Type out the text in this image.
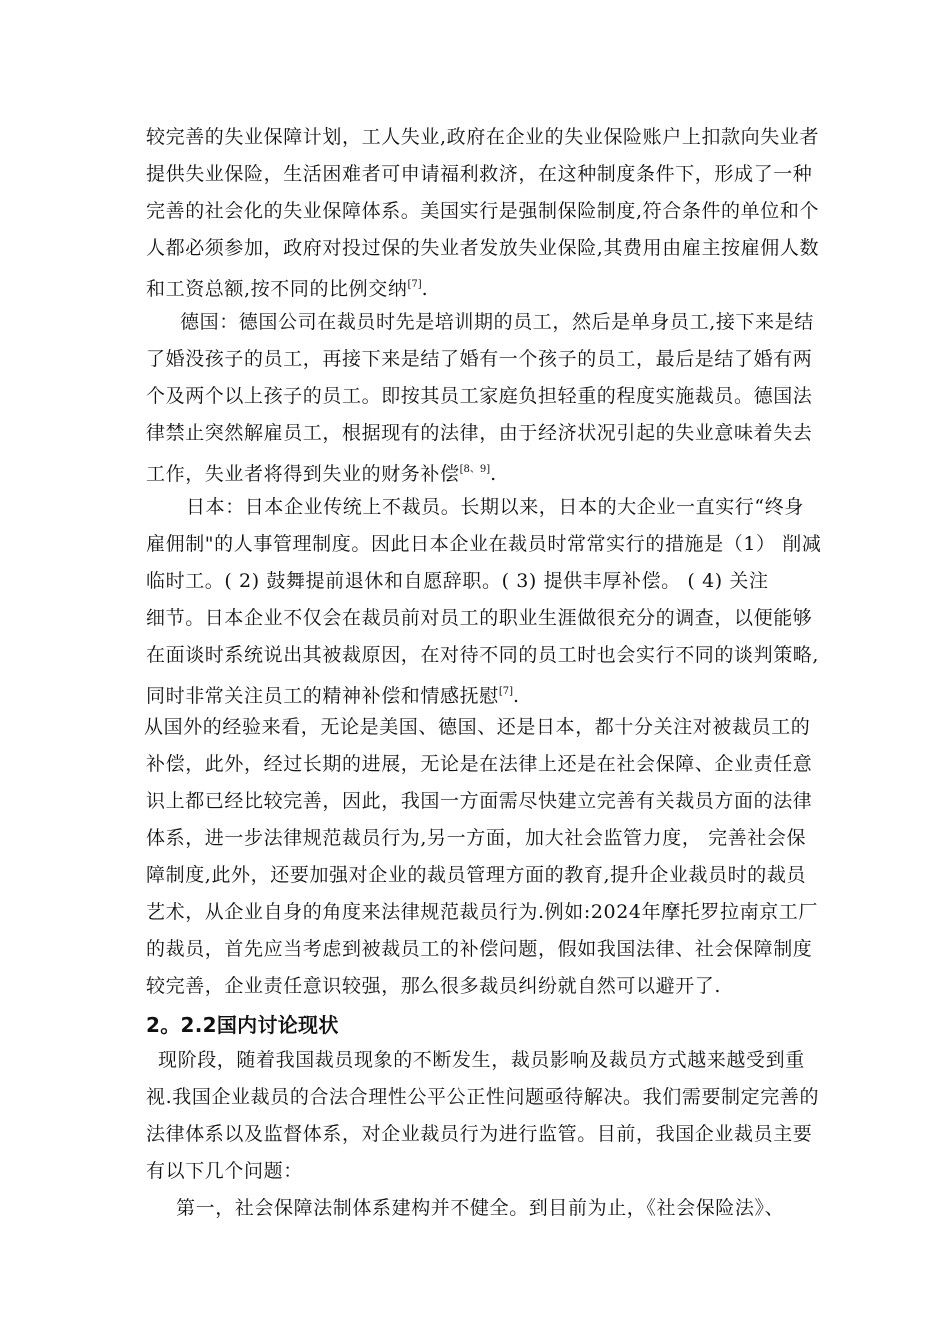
较完善的失业保障计划，工人失业,政府在企业的失业保险账户上扣款向失业者
提供失业保险，生活困难者可申请福利救济，在这种制度条件下，形成了一种
完善的社会化的失业保障体系。美国实行是强制保险制度,符合条件的单位和个
人都必须参加，政府对投过保的失业者发放失业保险,其费用由雇主按雇佣人数
和工资总额,按不同的比例交纳[7].
德国：德国公司在裁员时先是培训期的员工，然后是单身员工,接下来是结
了婚没孩子的员工，再接下来是结了婚有一个孩子的员工，最后是结了婚有两
个及两个以上孩子的员工。即按其员工家庭负担轻重的程度实施裁员。德国法
律禁止突然解雇员工，根据现有的法律，由于经济状况引起的失业意味着失去
工作，失业者将得到失业的财务补偿[8、9].
日本：日本企业传统上不裁员。长期以来，日本的大企业一直实行“终身
雇佣制"的人事管理制度。因此日本企业在裁员时常常实行的措施是（1） 削减
临时工。( 2) 鼓舞提前退休和自愿辞职。( 3) 提供丰厚补偿。 ( 4) 关注
细节。日本企业不仅会在裁员前对员工的职业生涯做很充分的调查，以便能够
在面谈时系统说出其被裁原因，在对待不同的员工时也会实行不同的谈判策略,
同时非常关注员工的精神补偿和情感抚慰[7].
从国外的经验来看，无论是美国、德国、还是日本，都十分关注对被裁员工的
补偿，此外，经过长期的进展，无论是在法律上还是在社会保障、企业责任意
识上都已经比较完善，因此，我国一方面需尽快建立完善有关裁员方面的法律
体系，进一步法律规范裁员行为,另一方面，加大社会监管力度， 完善社会保
障制度,此外，还要加强对企业的裁员管理方面的教育,提升企业裁员时的裁员
艺术，从企业自身的角度来法律规范裁员行为.例如:2024年摩托罗拉南京工厂
的裁员，首先应当考虑到被裁员工的补偿问题，假如我国法律、社会保障制度
较完善，企业责任意识较强，那么很多裁员纠纷就自然可以避开了.
2。2.2国内讨论现状
现阶段，随着我国裁员现象的不断发生，裁员影响及裁员方式越来越受到重
视.我国企业裁员的合法合理性公平公正性问题亟待解决。我们需要制定完善的
法律体系以及监督体系，对企业裁员行为进行监管。目前，我国企业裁员主要
有以下几个问题：
第一，社会保障法制体系建构并不健全。到目前为止，《社会保险法》、
